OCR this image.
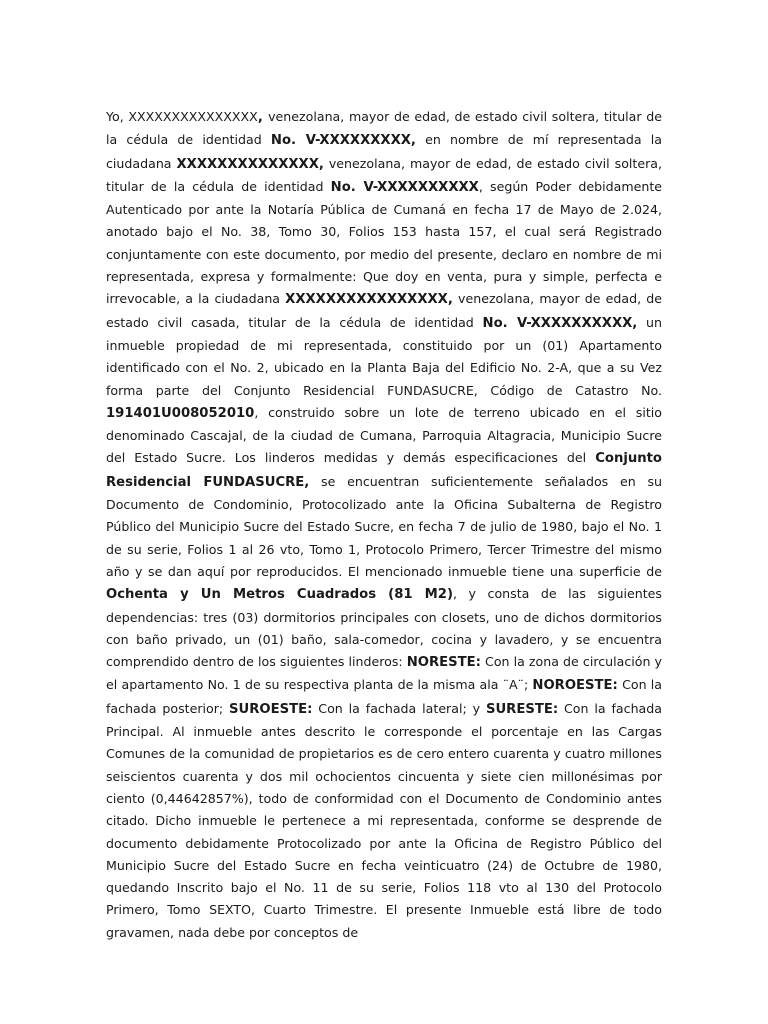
Yo, XXXXXXXXXXXXXXX, venezolana, mayor de edad, de estado civil soltera, titular de la cédula de identidad No. V-XXXXXXXXX, en nombre de mí representada la ciudadana XXXXXXXXXXXXXX, venezolana, mayor de edad, de estado civil soltera, titular de la cédula de identidad No. V-XXXXXXXXXX, según Poder debidamente Autenticado por ante la Notaría Pública de Cumaná en fecha 17 de Mayo de 2.024, anotado bajo el No. 38, Tomo 30, Folios 153 hasta 157, el cual será Registrado conjuntamente con este documento, por medio del presente, declaro en nombre de mi representada, expresa y formalmente: Que doy en venta, pura y simple, perfecta e irrevocable, a la ciudadana XXXXXXXXXXXXXXXX, venezolana, mayor de edad, de estado civil casada, titular de la cédula de identidad No. V-XXXXXXXXXX, un inmueble propiedad de mi representada, constituido por un (01) Apartamento identificado con el No. 2, ubicado en la Planta Baja del Edificio No. 2-A, que a su Vez forma parte del Conjunto Residencial FUNDASUCRE, Código de Catastro No. 191401U008052010, construido sobre un lote de terreno ubicado en el sitio denominado Cascajal, de la ciudad de Cumana, Parroquia Altagracia, Municipio Sucre del Estado Sucre. Los linderos medidas y demás especificaciones del Conjunto Residencial FUNDASUCRE, se encuentran suficientemente señalados en su Documento de Condominio, Protocolizado ante la Oficina Subalterna de Registro Público del Municipio Sucre del Estado Sucre, en fecha 7 de julio de 1980, bajo el No. 1 de su serie, Folios 1 al 26 vto, Tomo 1, Protocolo Primero, Tercer Trimestre del mismo año y se dan aquí por reproducidos. El mencionado inmueble tiene una superficie de Ochenta y Un Metros Cuadrados (81 M2), y consta de las siguientes dependencias: tres (03) dormitorios principales con closets, uno de dichos dormitorios con baño privado, un (01) baño, sala-comedor, cocina y lavadero, y se encuentra comprendido dentro de los siguientes linderos: NORESTE: Con la zona de circulación y el apartamento No. 1 de su respectiva planta de la misma ala ¨A¨; NOROESTE: Con la fachada posterior; SUROESTE: Con la fachada lateral; y SURESTE: Con la fachada Principal. Al inmueble antes descrito le corresponde el porcentaje en las Cargas Comunes de la comunidad de propietarios es de cero entero cuarenta y cuatro millones seiscientos cuarenta y dos mil ochocientos cincuenta y siete cien millonésimas por ciento (0,44642857%), todo de conformidad con el Documento de Condominio antes citado. Dicho inmueble le pertenece a mi representada, conforme se desprende de documento debidamente Protocolizado por ante la Oficina de Registro Público del Municipio Sucre del Estado Sucre en fecha veinticuatro (24) de Octubre de 1980, quedando Inscrito bajo el No. 11 de su serie, Folios 118 vto al 130 del Protocolo Primero, Tomo SEXTO, Cuarto Trimestre. El presente Inmueble está libre de todo gravamen, nada debe por conceptos de
